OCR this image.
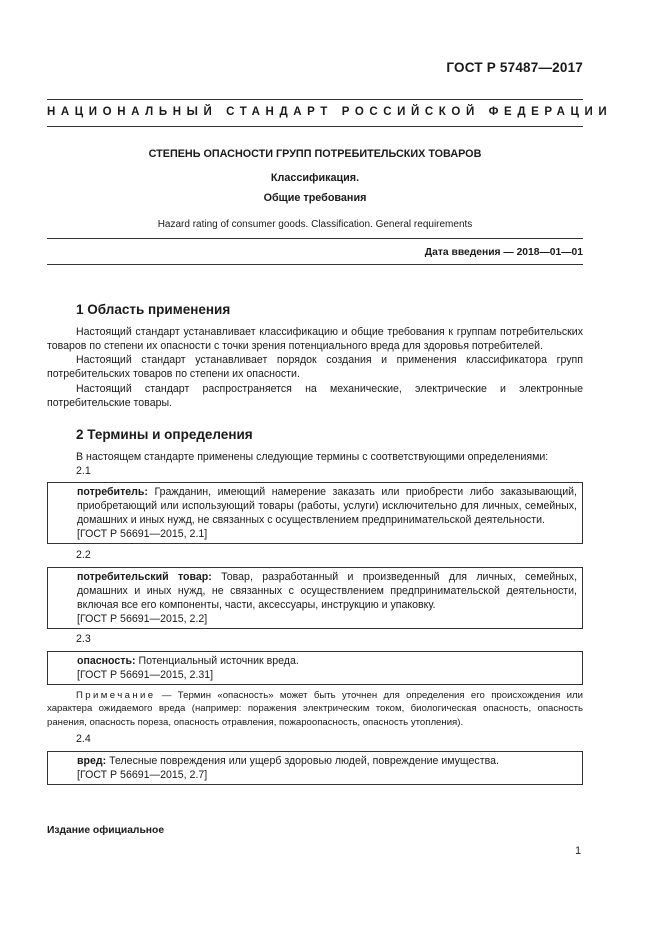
ГОСТ Р 57487—2017
НАЦИОНАЛЬНЫЙ СТАНДАРТ РОССИЙСКОЙ ФЕДЕРАЦИИ
СТЕПЕНЬ ОПАСНОСТИ ГРУПП ПОТРЕБИТЕЛЬСКИХ ТОВАРОВ
Классификация.
Общие требования
Hazard rating of consumer goods. Classification. General requirements
Дата введения — 2018—01—01
1 Область применения
Настоящий стандарт устанавливает классификацию и общие требования к группам потребительских товаров по степени их опасности с точки зрения потенциального вреда для здоровья потребителей.
Настоящий стандарт устанавливает порядок создания и применения классификатора групп потребительских товаров по степени их опасности.
Настоящий стандарт распространяется на механические, электрические и электронные потребительские товары.
2 Термины и определения
В настоящем стандарте применены следующие термины с соответствующими определениями:
2.1
потребитель: Гражданин, имеющий намерение заказать или приобрести либо заказывающий, приобретающий или использующий товары (работы, услуги) исключительно для личных, семейных, домашних и иных нужд, не связанных с осуществлением предпринимательской деятельности.
[ГОСТ Р 56691—2015, 2.1]
2.2
потребительский товар: Товар, разработанный и произведенный для личных, семейных, домашних и иных нужд, не связанных с осуществлением предпринимательской деятельности, включая все его компоненты, части, аксессуары, инструкцию и упаковку.
[ГОСТ Р 56691—2015, 2.2]
2.3
опасность: Потенциальный источник вреда.
[ГОСТ Р 56691—2015, 2.31]
Примечание — Термин «опасность» может быть уточнен для определения его происхождения или характера ожидаемого вреда (например: поражения электрическим током, биологическая опасность, опасность ранения, опасность пореза, опасность отравления, пожароопасность, опасность утопления).
2.4
вред: Телесные повреждения или ущерб здоровью людей, повреждение имущества.
[ГОСТ Р 56691—2015, 2.7]
Издание официальное
1
